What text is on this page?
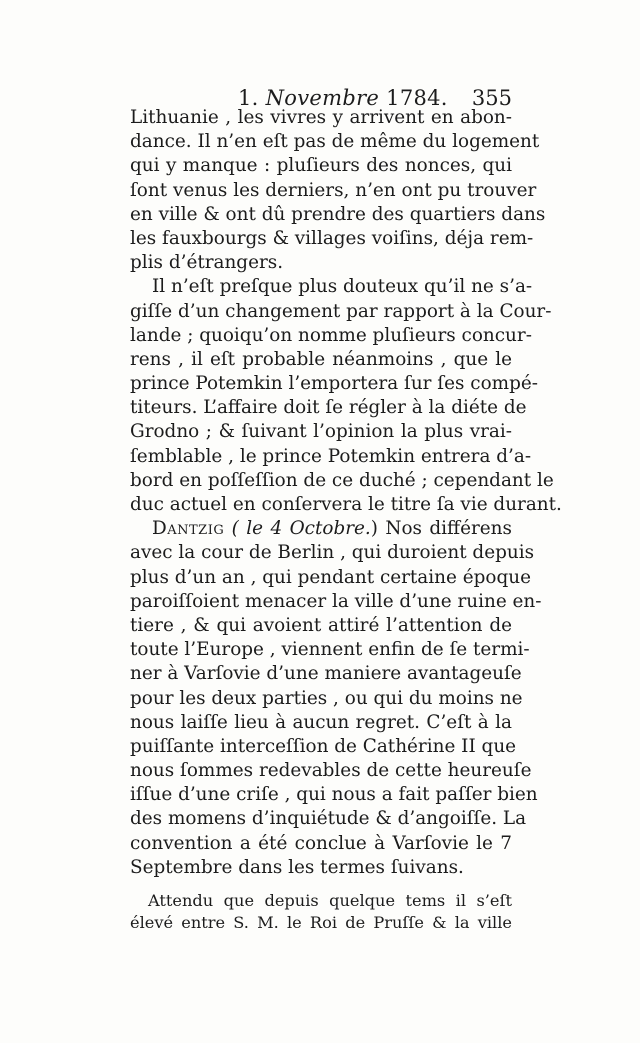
1. Novembre 1784. 355
Lithuanie , les vivres y arrivent en abon-
dance. Il n’en eſt pas de même du logement
qui y manque : pluſieurs des nonces, qui
ſont venus les derniers, n’en ont pu trouver
en ville & ont dû prendre des quartiers dans
les fauxbourgs & villages voiſins, déja rem-
plis d’étrangers.
Il n’eſt preſque plus douteux qu’il ne s’a-
giſſe d’un changement par rapport à la Cour-
lande ; quoiqu’on nomme pluſieurs concur-
rens , il eſt probable néanmoins , que le
prince Potemkin l’emportera ſur ſes compé-
titeurs. L’affaire doit ſe régler à la diéte de
Grodno ; & ſuivant l’opinion la plus vrai-
ſemblable , le prince Potemkin entrera d’a-
bord en poſſeſſion de ce duché ; cependant le
duc actuel en conſervera le titre ſa vie durant.
Dantzig ( le 4 Octobre.) Nos différens
avec la cour de Berlin , qui duroient depuis
plus d’un an , qui pendant certaine époque
paroiſſoient menacer la ville d’une ruine en-
tiere , & qui avoient attiré l’attention de
toute l’Europe , viennent enfin de ſe termi-
ner à Varſovie d’une maniere avantageuſe
pour les deux parties , ou qui du moins ne
nous laiſſe lieu à aucun regret. C’eſt à la
puiſſante interceſſion de Cathérine II que
nous ſommes redevables de cette heureuſe
iſſue d’une criſe , qui nous a fait paſſer bien
des momens d’inquiétude & d’angoiſſe. La
convention a été conclue à Varſovie le 7
Septembre dans les termes ſuivans.
Attendu que depuis quelque tems il s’eſt
élevé entre S. M. le Roi de Pruſſe & la ville
